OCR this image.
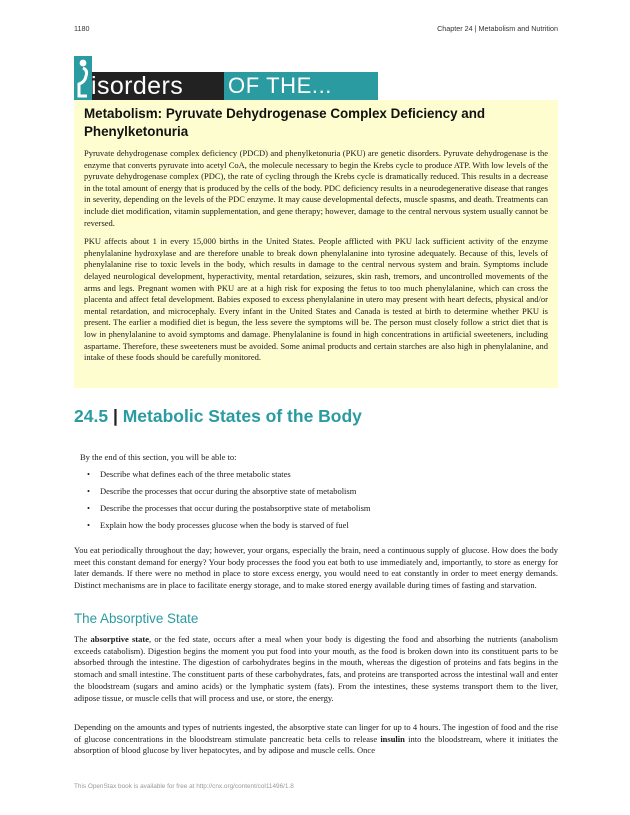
1180	Chapter 24 | Metabolism and Nutrition
isorders OF THE...
Metabolism: Pyruvate Dehydrogenase Complex Deficiency and Phenylketonuria

Pyruvate dehydrogenase complex deficiency (PDCD) and phenylketonuria (PKU) are genetic disorders. Pyruvate dehydrogenase is the enzyme that converts pyruvate into acetyl CoA, the molecule necessary to begin the Krebs cycle to produce ATP. With low levels of the pyruvate dehydrogenase complex (PDC), the rate of cycling through the Krebs cycle is dramatically reduced. This results in a decrease in the total amount of energy that is produced by the cells of the body. PDC deficiency results in a neurodegenerative disease that ranges in severity, depending on the levels of the PDC enzyme. It may cause developmental defects, muscle spasms, and death. Treatments can include diet modification, vitamin supplementation, and gene therapy; however, damage to the central nervous system usually cannot be reversed.

PKU affects about 1 in every 15,000 births in the United States. People afflicted with PKU lack sufficient activity of the enzyme phenylalanine hydroxylase and are therefore unable to break down phenylalanine into tyrosine adequately. Because of this, levels of phenylalanine rise to toxic levels in the body, which results in damage to the central nervous system and brain. Symptoms include delayed neurological development, hyperactivity, mental retardation, seizures, skin rash, tremors, and uncontrolled movements of the arms and legs. Pregnant women with PKU are at a high risk for exposing the fetus to too much phenylalanine, which can cross the placenta and affect fetal development. Babies exposed to excess phenylalanine in utero may present with heart defects, physical and/or mental retardation, and microcephaly. Every infant in the United States and Canada is tested at birth to determine whether PKU is present. The earlier a modified diet is begun, the less severe the symptoms will be. The person must closely follow a strict diet that is low in phenylalanine to avoid symptoms and damage. Phenylalanine is found in high concentrations in artificial sweeteners, including aspartame. Therefore, these sweeteners must be avoided. Some animal products and certain starches are also high in phenylalanine, and intake of these foods should be carefully monitored.

24.5 | Metabolic States of the Body
By the end of this section, you will be able to:
• Describe what defines each of the three metabolic states
• Describe the processes that occur during the absorptive state of metabolism
• Describe the processes that occur during the postabsorptive state of metabolism
• Explain how the body processes glucose when the body is starved of fuel

You eat periodically throughout the day; however, your organs, especially the brain, need a continuous supply of glucose. How does the body meet this constant demand for energy? Your body processes the food you eat both to use immediately and, importantly, to store as energy for later demands. If there were no method in place to store excess energy, you would need to eat constantly in order to meet energy demands. Distinct mechanisms are in place to facilitate energy storage, and to make stored energy available during times of fasting and starvation.

The Absorptive State

The absorptive state, or the fed state, occurs after a meal when your body is digesting the food and absorbing the nutrients (anabolism exceeds catabolism). Digestion begins the moment you put food into your mouth, as the food is broken down into its constituent parts to be absorbed through the intestine. The digestion of carbohydrates begins in the mouth, whereas the digestion of proteins and fats begins in the stomach and small intestine. The constituent parts of these carbohydrates, fats, and proteins are transported across the intestinal wall and enter the bloodstream (sugars and amino acids) or the lymphatic system (fats). From the intestines, these systems transport them to the liver, adipose tissue, or muscle cells that will process and use, or store, the energy.

Depending on the amounts and types of nutrients ingested, the absorptive state can linger for up to 4 hours. The ingestion of food and the rise of glucose concentrations in the bloodstream stimulate pancreatic beta cells to release insulin into the bloodstream, where it initiates the absorption of blood glucose by liver hepatocytes, and by adipose and muscle cells. Once

This OpenStax book is available for free at http://cnx.org/content/col11496/1.8
